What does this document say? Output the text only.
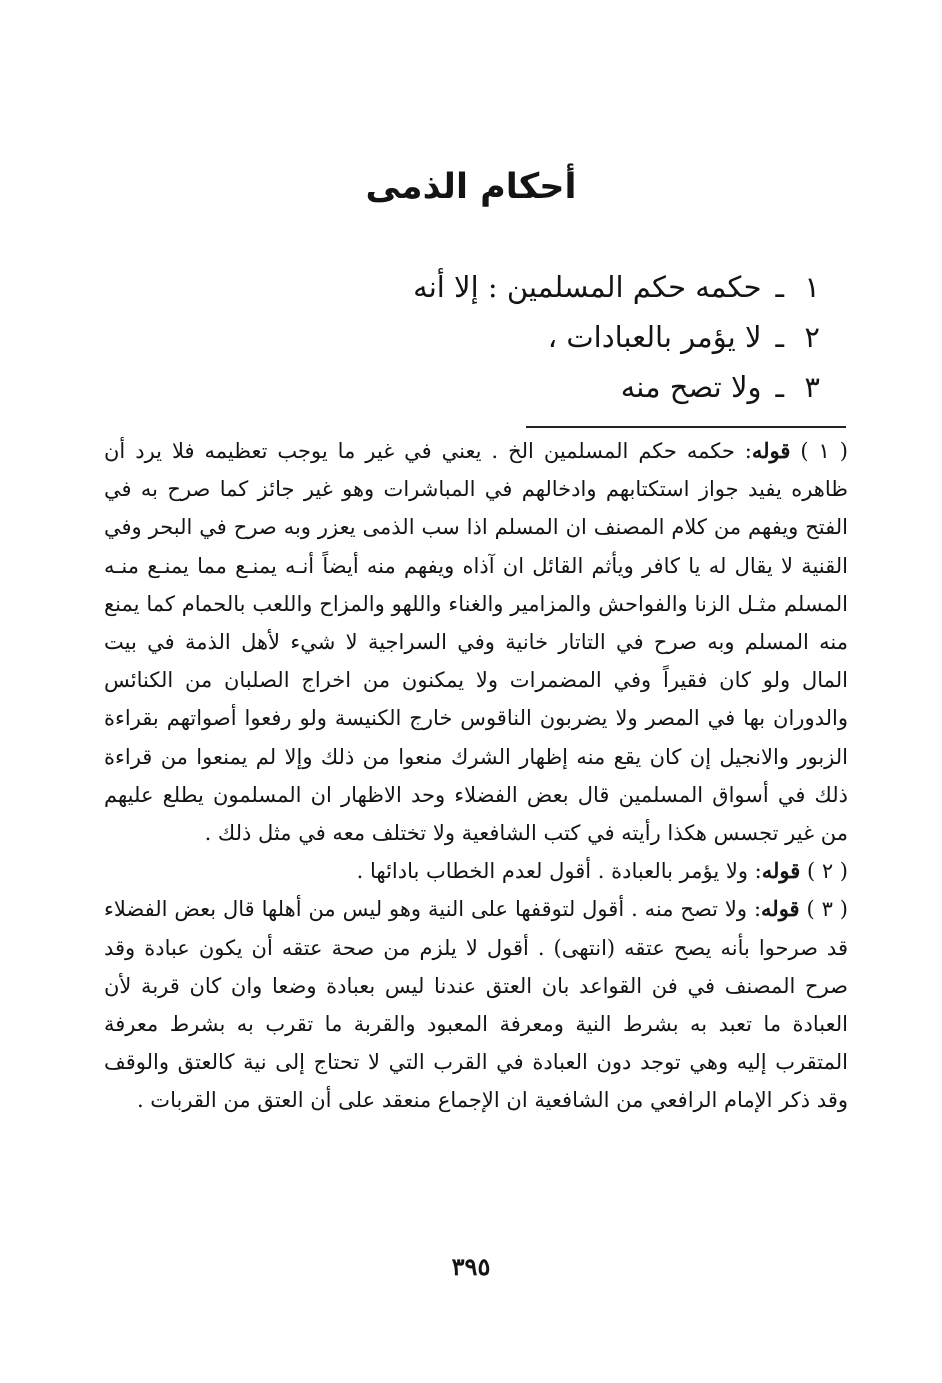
أحكام الذمى
١ـحكمه حكم المسلمين : إلا أنه
٢ـلا يؤمر بالعبادات ،
٣ـولا تصح منه

( ١ ) قوله: حكمه حكم المسلمين الخ . يعني في غير ما يوجب تعظيمه فلا يرد أن ظاهره يفيد جواز استكتابهم وادخالهم في المباشرات وهو غير جائز كما صرح به في الفتح ويفهم من كلام المصنف ان المسلم اذا سب الذمى يعزر وبه صرح في البحر وفي القنية لا يقال له يا كافر ويأثم القائل ان آذاه ويفهم منه أيضاً أنـه يمنـع مما يمنـع منـه المسلم مثـل الزنا والفواحش والمزامير والغناء واللهو والمزاح واللعب بالحمام كما يمنع منه المسلم وبه صرح في التاتار خانية وفي السراجية لا شيء لأهل الذمة في بيت المال ولو كان فقيراً وفي المضمرات ولا يمكنون من اخراج الصلبان من الكنائس والدوران بها في المصر ولا يضربون الناقوس خارج الكنيسة ولو رفعوا أصواتهم بقراءة الزبور والانجيل إن كان يقع منه إظهار الشرك منعوا من ذلك وإلا لم يمنعوا من قراءة ذلك في أسواق المسلمين قال بعض الفضلاء وحد الاظهار ان المسلمون يطلع عليهم من غير تجسس هكذا رأيته في كتب الشافعية ولا تختلف معه في مثل ذلك .

( ٢ ) قوله: ولا يؤمر بالعبادة . أقول لعدم الخطاب بادائها .

( ٣ ) قوله: ولا تصح منه . أقول لتوقفها على النية وهو ليس من أهلها قال بعض الفضلاء قد صرحوا بأنه يصح عتقه (انتهى) . أقول لا يلزم من صحة عتقه أن يكون عبادة وقد صرح المصنف في فن القواعد بان العتق عندنا ليس بعبادة وضعا وان كان قربة لأن العبادة ما تعبد به بشرط النية ومعرفة المعبود والقربة ما تقرب به بشرط معرفة المتقرب إليه وهي توجد دون العبادة في القرب التي لا تحتاج إلى نية كالعتق والوقف وقد ذكر الإمام الرافعي من الشافعية ان الإجماع منعقد على أن العتق من القربات .

٣٩٥
